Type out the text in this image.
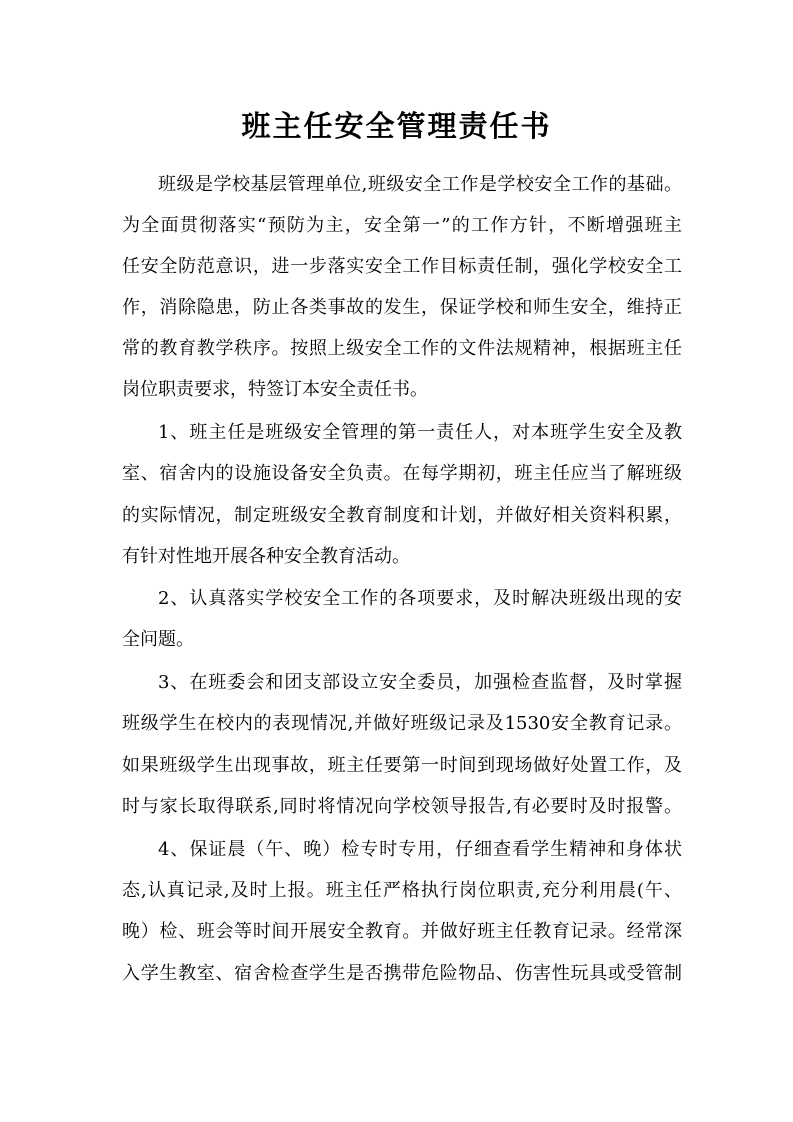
班主任安全管理责任书
班级是学校基层管理单位,班级安全工作是学校安全工作的基础。
为全面贯彻落实“预防为主，安全第一”的工作方针，不断增强班主
任安全防范意识，进一步落实安全工作目标责任制，强化学校安全工
作，消除隐患，防止各类事故的发生，保证学校和师生安全，维持正
常的教育教学秩序。按照上级安全工作的文件法规精神，根据班主任
岗位职责要求，特签订本安全责任书。
1、班主任是班级安全管理的第一责任人，对本班学生安全及教
室、宿舍内的设施设备安全负责。在每学期初，班主任应当了解班级
的实际情况，制定班级安全教育制度和计划，并做好相关资料积累，
有针对性地开展各种安全教育活动。
2、认真落实学校安全工作的各项要求，及时解决班级出现的安
全问题。
3、在班委会和团支部设立安全委员，加强检查监督，及时掌握
班级学生在校内的表现情况,并做好班级记录及1530安全教育记录。
如果班级学生出现事故，班主任要第一时间到现场做好处置工作，及
时与家长取得联系,同时将情况向学校领导报告,有必要时及时报警。
4、保证晨（午、晚）检专时专用，仔细查看学生精神和身体状
态,认真记录,及时上报。班主任严格执行岗位职责,充分利用晨(午、
晚）检、班会等时间开展安全教育。并做好班主任教育记录。经常深
入学生教室、宿舍检查学生是否携带危险物品、伤害性玩具或受管制
